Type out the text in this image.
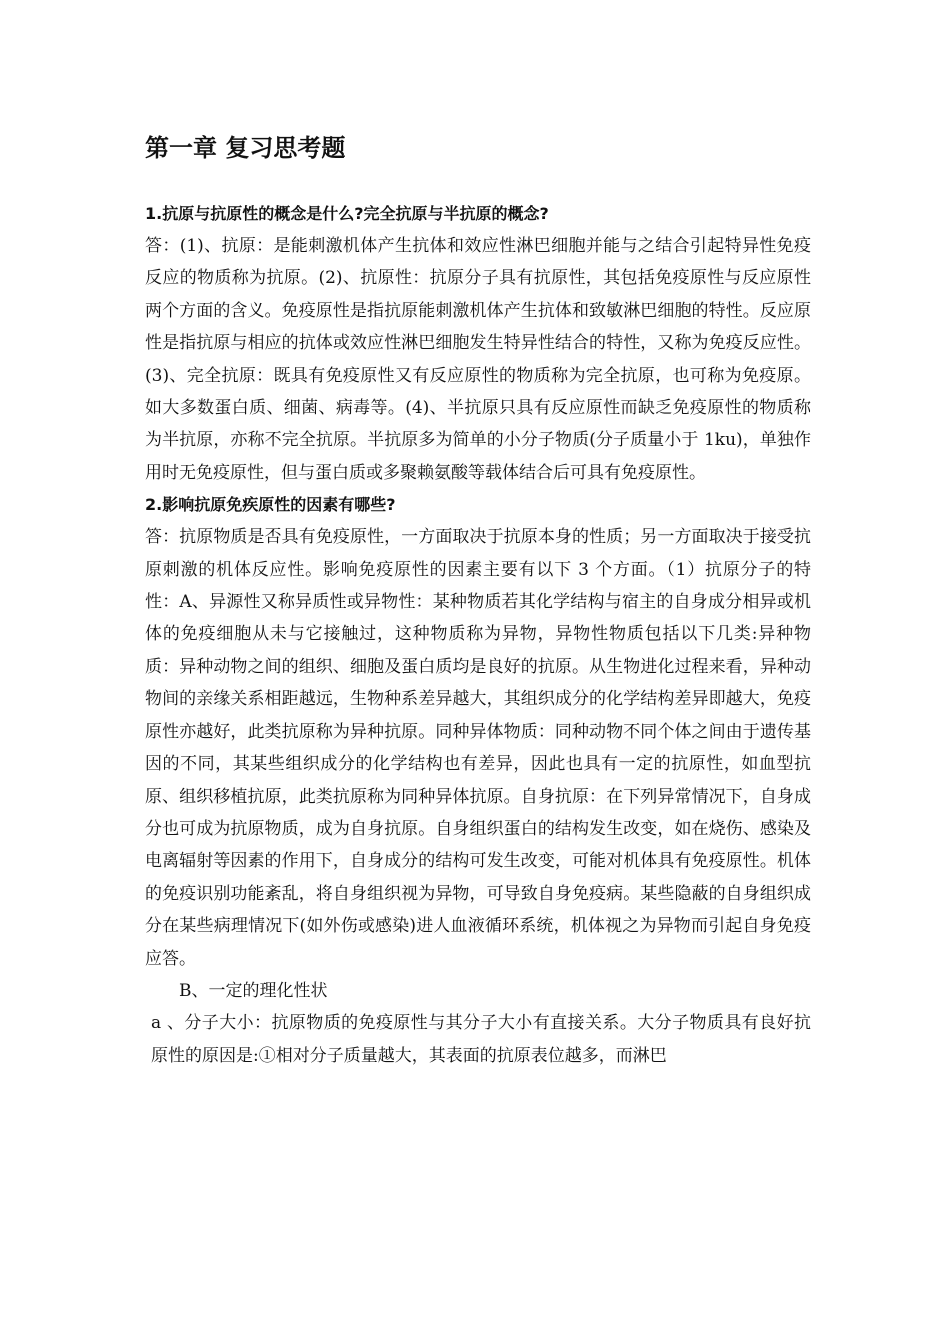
第一章 复习思考题

1.抗原与抗原性的概念是什么?完全抗原与半抗原的概念?

答：(1)、抗原：是能刺激机体产生抗体和效应性淋巴细胞并能与之结合引起特异性免疫反应的物质称为抗原。(2)、抗原性：抗原分子具有抗原性，其包括免疫原性与反应原性两个方面的含义。免疫原性是指抗原能刺激机体产生抗体和致敏淋巴细胞的特性。反应原性是指抗原与相应的抗体或效应性淋巴细胞发生特异性结合的特性，又称为免疫反应性。 (3)、完全抗原：既具有免疫原性又有反应原性的物质称为完全抗原，也可称为免疫原。如大多数蛋白质、细菌、病毒等。(4)、半抗原只具有反应原性而缺乏免疫原性的物质称为半抗原，亦称不完全抗原。半抗原多为简单的小分子物质(分子质量小于 1ku)，单独作用时无免疫原性，但与蛋白质或多聚赖氨酸等载体结合后可具有免疫原性。

2.影响抗原免疾原性的因素有哪些?

答：抗原物质是否具有免疫原性，一方面取决于抗原本身的性质；另一方面取决于接受抗原刺激的机体反应性。影响免疫原性的因素主要有以下 3 个方面。（1）抗原分子的特性：A、异源性又称异质性或异物性：某种物质若其化学结构与宿主的自身成分相异或机体的免疫细胞从未与它接触过，这种物质称为异物，异物性物质包括以下几类:异种物质：异种动物之间的组织、细胞及蛋白质均是良好的抗原。从生物进化过程来看，异种动物间的亲缘关系相距越远，生物种系差异越大，其组织成分的化学结构差异即越大，免疫原性亦越好，此类抗原称为异种抗原。同种异体物质：同种动物不同个体之间由于遗传基因的不同，其某些组织成分的化学结构也有差异，因此也具有一定的抗原性，如血型抗原、组织移植抗原，此类抗原称为同种异体抗原。自身抗原：在下列异常情况下，自身成分也可成为抗原物质，成为自身抗原。自身组织蛋白的结构发生改变，如在烧伤、感染及电离辐射等因素的作用下，自身成分的结构可发生改变，可能对机体具有免疫原性。机体的免疫识别功能紊乱，将自身组织视为异物，可导致自身免疫病。某些隐蔽的自身组织成分在某些病理情况下(如外伤或感染)进人血液循环系统，机体视之为异物而引起自身免疫应答。

B、一定的理化性状

a 、分子大小：抗原物质的免疫原性与其分子大小有直接关系。大分子物质具有良好抗原性的原因是:①相对分子质量越大，其表面的抗原表位越多，而淋巴
